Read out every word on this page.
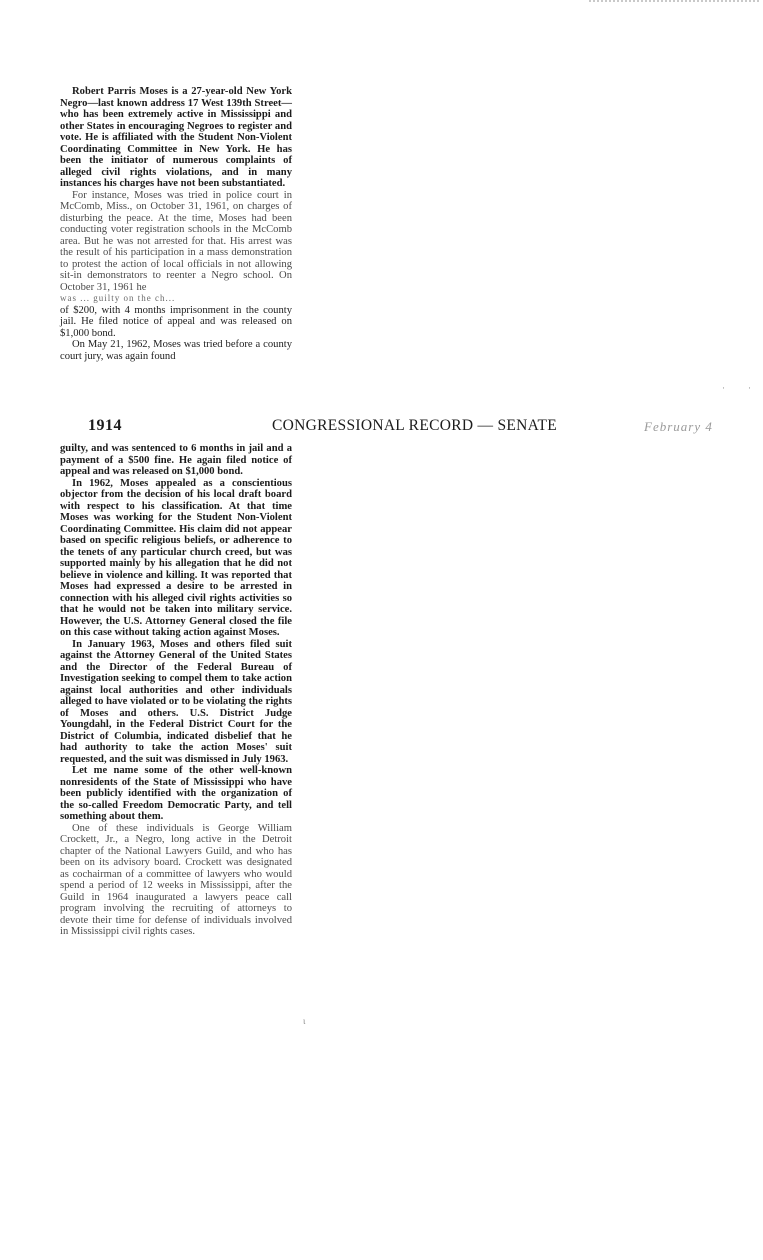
Robert Parris Moses is a 27-year-old New York Negro—last known address 17 West 139th Street—who has been extremely active in Mississippi and other States in encouraging Negroes to register and vote. He is affiliated with the Student Non-Violent Coordinating Committee in New York. He has been the initiator of numerous complaints of alleged civil rights violations, and in many instances his charges have not been substantiated.

For instance, Moses was tried in police court in McComb, Miss., on October 31, 1961, on charges of disturbing the peace. At the time, Moses had been conducting voter registration schools in the McComb area. But he was not arrested for that. His arrest was the result of his participation in a mass demonstration to protest the action of local officials in not allowing sit-in demonstrators to reenter a Negro school. On October 31, 1961 he

was ... guilty on the ch...

of $200, with 4 months imprisonment in the county jail. He filed notice of appeal and was released on $1,000 bond.

On May 21, 1962, Moses was tried before a county court jury, was again found

·	·
1914	CONGRESSIONAL RECORD — SENATE	February 4

guilty, and was sentenced to 6 months in jail and a payment of a $500 fine. He again filed notice of appeal and was released on $1,000 bond.

In 1962, Moses appealed as a conscientious objector from the decision of his local draft board with respect to his classification. At that time Moses was working for the Student Non-Violent Coordinating Committee. His claim did not appear based on specific religious beliefs, or adherence to the tenets of any particular church creed, but was supported mainly by his allegation that he did not believe in violence and killing. It was reported that Moses had expressed a desire to be arrested in connection with his alleged civil rights activities so that he would not be taken into military service. However, the U.S. Attorney General closed the file on this case without taking action against Moses.

In January 1963, Moses and others filed suit against the Attorney General of the United States and the Director of the Federal Bureau of Investigation seeking to compel them to take action against local authorities and other individuals alleged to have violated or to be violating the rights of Moses and others. U.S. District Judge Youngdahl, in the Federal District Court for the District of Columbia, indicated disbelief that he had authority to take the action Moses' suit requested, and the suit was dismissed in July 1963.

Let me name some of the other well-known nonresidents of the State of Mississippi who have been publicly identified with the organization of the so-called Freedom Democratic Party, and tell something about them.

One of these individuals is George William Crockett, Jr., a Negro, long active in the Detroit chapter of the National Lawyers Guild, and who has been on its advisory board. Crockett was designated as cochairman of a committee of lawyers who would spend a period of 12 weeks in Mississippi, after the Guild in 1964 inaugurated a lawyers peace call program involving the recruiting of attorneys to devote their time for defense of individuals involved in Mississippi civil rights cases.

ɩ
